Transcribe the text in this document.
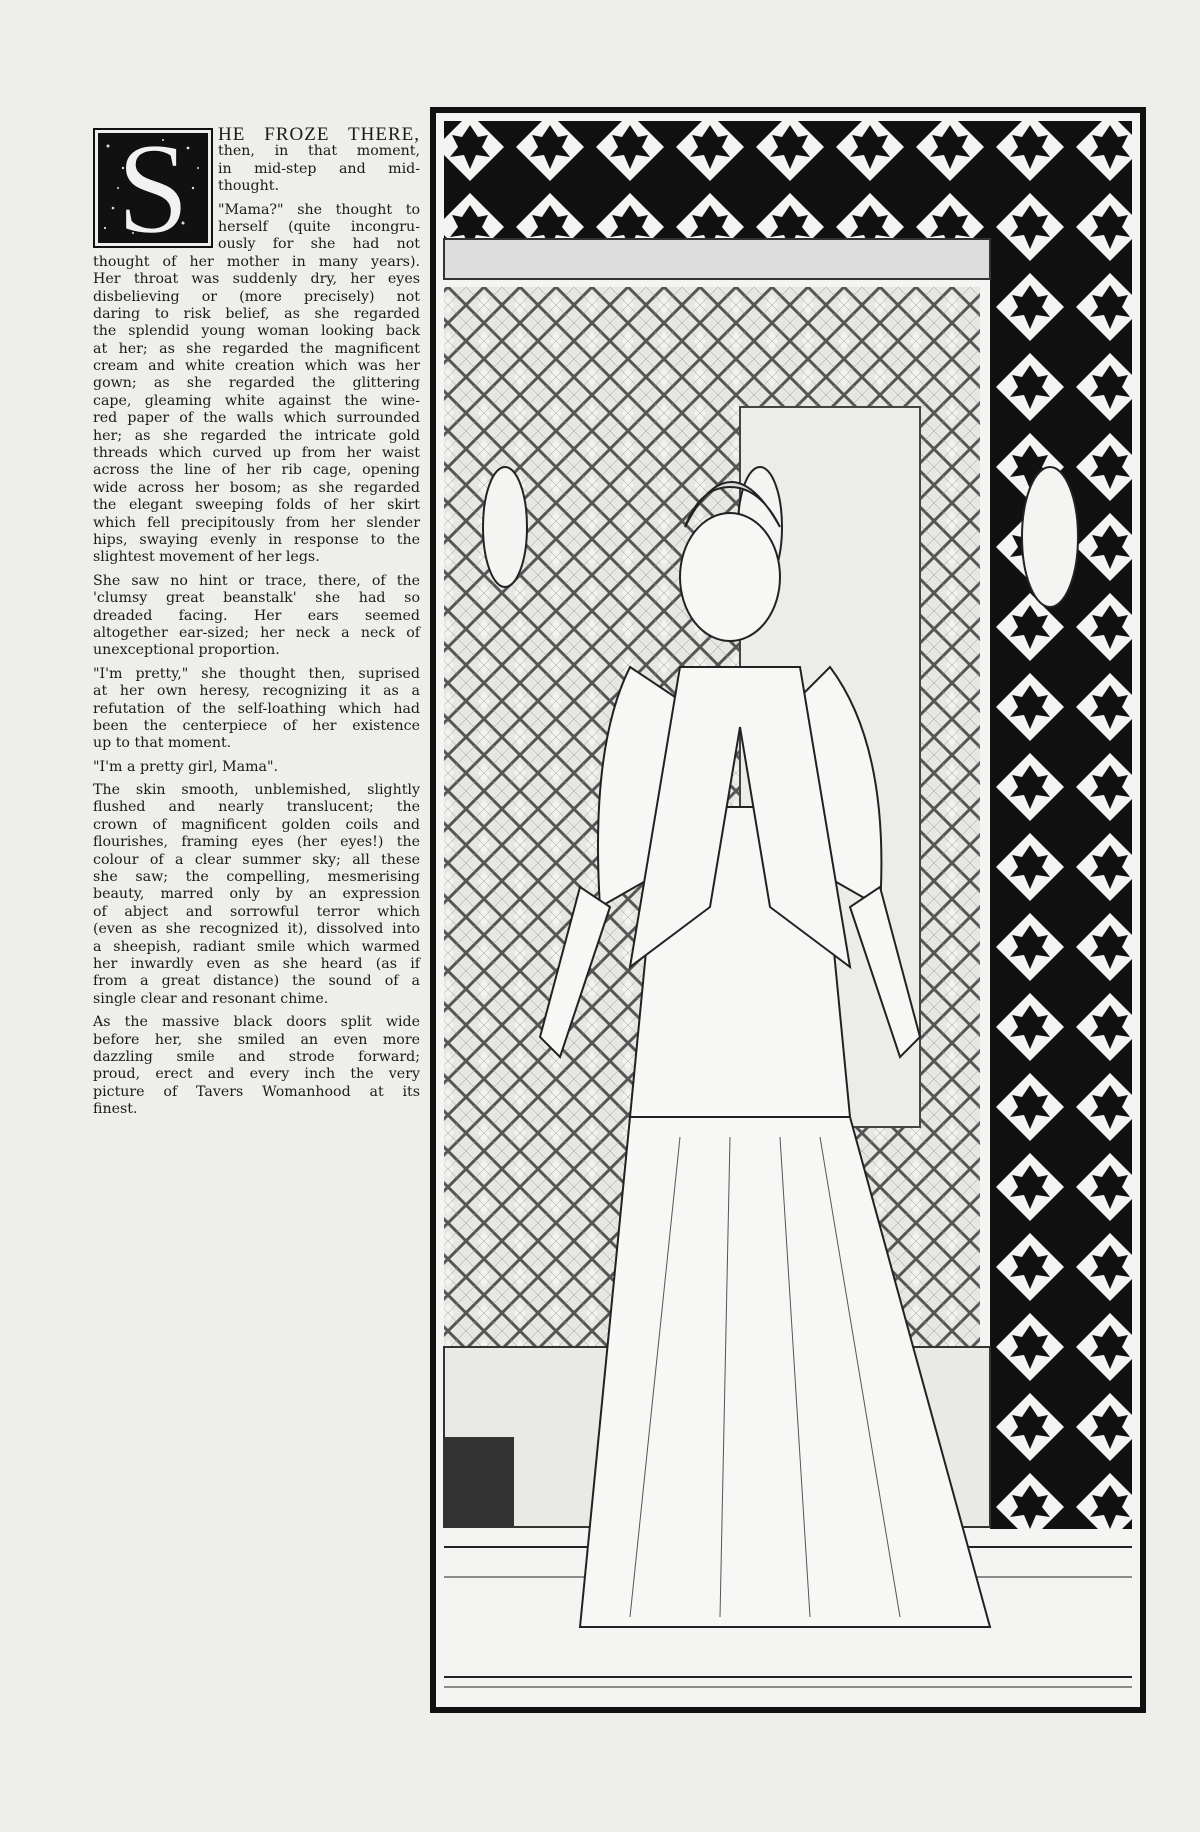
S HE FROZE THERE,
then, in that moment,
in mid-step and mid-
thought.
"Mama?" she thought to
herself (quite incongru-
ously for she had not
thought of her mother in many years).
Her throat was suddenly dry, her eyes
disbelieving or (more precisely) not
daring to risk belief, as she regarded
the splendid young woman looking back
at her; as she regarded the magnificent
cream and white creation which was her
gown; as she regarded the glittering
cape, gleaming white against the wine-
red paper of the walls which surrounded
her; as she regarded the intricate gold
threads which curved up from her waist
across the line of her rib cage, opening
wide across her bosom; as she regarded
the elegant sweeping folds of her skirt
which fell precipitously from her slender
hips, swaying evenly in response to the
slightest movement of her legs.
She saw no hint or trace, there, of the
'clumsy great beanstalk' she had so
dreaded facing. Her ears seemed
altogether ear-sized; her neck a neck of
unexceptional proportion.
"I'm pretty," she thought then, suprised
at her own heresy, recognizing it as a
refutation of the self-loathing which had
been the centerpiece of her existence
up to that moment.
"I'm a pretty girl, Mama".
The skin smooth, unblemished, slightly
flushed and nearly translucent; the
crown of magnificent golden coils and
flourishes, framing eyes (her eyes!) the
colour of a clear summer sky; all these
she saw; the compelling, mesmerising
beauty, marred only by an expression
of abject and sorrowful terror which
(even as she recognized it), dissolved into
a sheepish, radiant smile which warmed
her inwardly even as she heard (as if
from a great distance) the sound of a
single clear and resonant chime.
As the massive black doors split wide
before her, she smiled an even more
dazzling smile and strode forward;
proud, erect and every inch the very
picture of Tavers Womanhood at its
finest.
